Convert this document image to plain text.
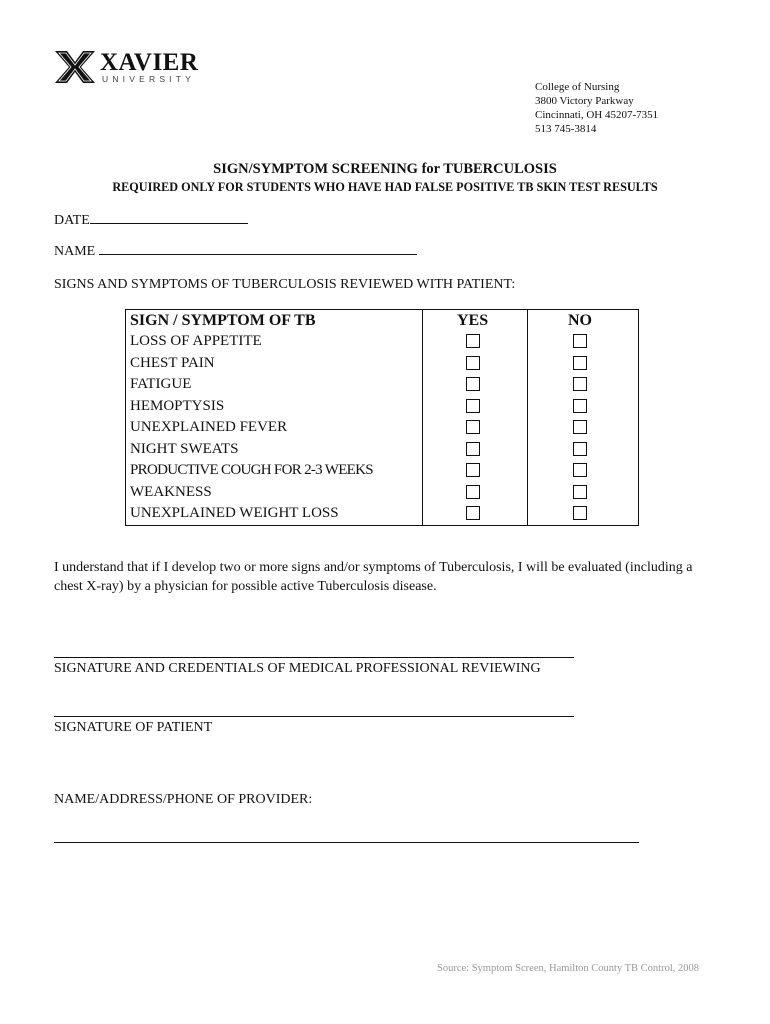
XAVIER
UNIVERSITY
College of Nursing
3800 Victory Parkway
Cincinnati, OH 45207-7351
513 745-3814
SIGN/SYMPTOM SCREENING for TUBERCULOSIS
REQUIRED ONLY FOR STUDENTS WHO HAVE HAD FALSE POSITIVE TB SKIN TEST RESULTS
DATE
NAME
SIGNS AND SYMPTOMS OF TUBERCULOSIS REVIEWED WITH PATIENT:
SIGN / SYMPTOM OF TB	YES	NO
LOSS OF APPETITE
CHEST PAIN
FATIGUE
HEMOPTYSIS
UNEXPLAINED FEVER
NIGHT SWEATS
PRODUCTIVE COUGH FOR 2-3 WEEKS
WEAKNESS
UNEXPLAINED WEIGHT LOSS
I understand that if I develop two or more signs and/or symptoms of Tuberculosis, I will be evaluated (including a chest X-ray) by a physician for possible active Tuberculosis disease.
SIGNATURE AND CREDENTIALS OF MEDICAL PROFESSIONAL REVIEWING
SIGNATURE OF PATIENT
NAME/ADDRESS/PHONE OF PROVIDER:
Source: Symptom Screen, Hamilton County TB Control, 2008
